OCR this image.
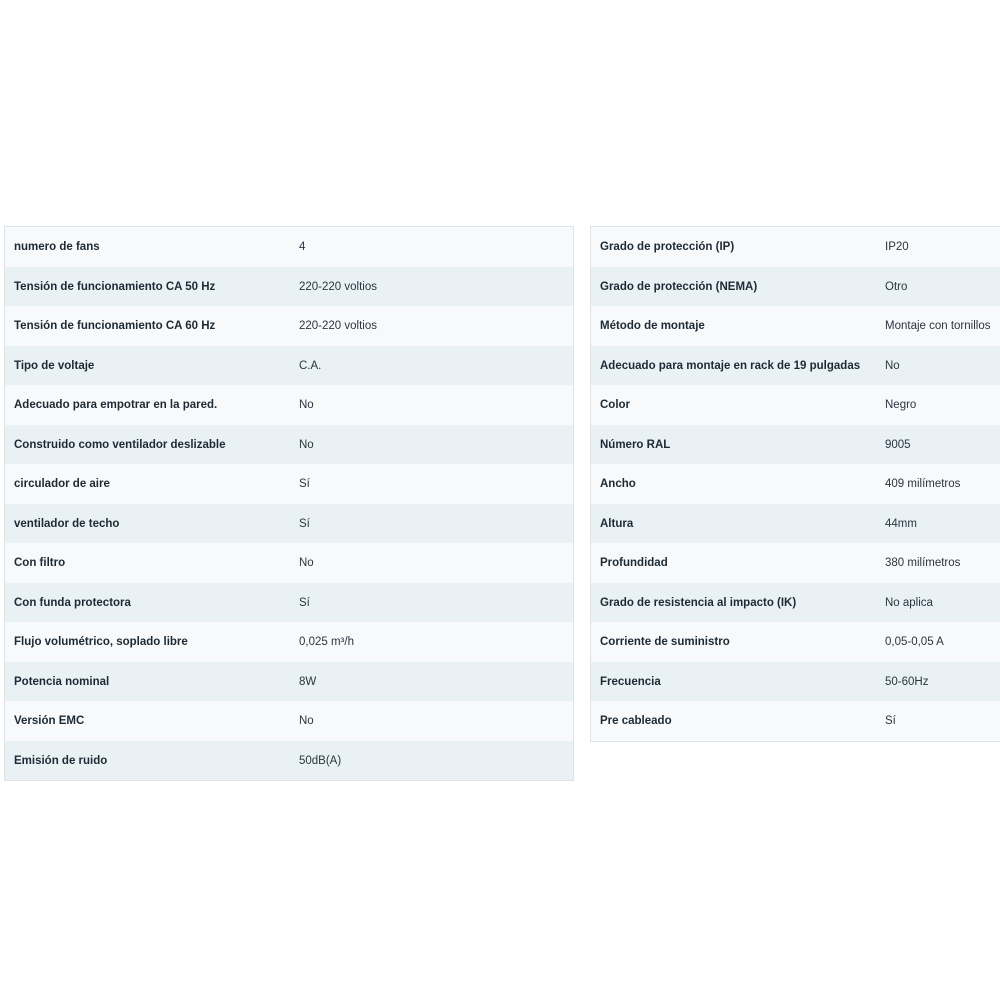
numero de fans	4
Tensión de funcionamiento CA 50 Hz	220-220 voltios
Tensión de funcionamiento CA 60 Hz	220-220 voltios
Tipo de voltaje	C.A.
Adecuado para empotrar en la pared.	No
Construido como ventilador deslizable	No
circulador de aire	Sí
ventilador de techo	Sí
Con filtro	No
Con funda protectora	Sí
Flujo volumétrico, soplado libre	0,025 m³/h
Potencia nominal	8W
Versión EMC	No
Emisión de ruido	50dB(A)
Grado de protección (IP)	IP20
Grado de protección (NEMA)	Otro
Método de montaje	Montaje con tornillos
Adecuado para montaje en rack de 19 pulgadas No
Color	Negro
Número RAL	9005
Ancho	409 milímetros
Altura	44mm
Profundidad	380 milímetros
Grado de resistencia al impacto (IK)	No aplica
Corriente de suministro	0,05-0,05 A
Frecuencia	50-60Hz
Pre cableado	Sí
